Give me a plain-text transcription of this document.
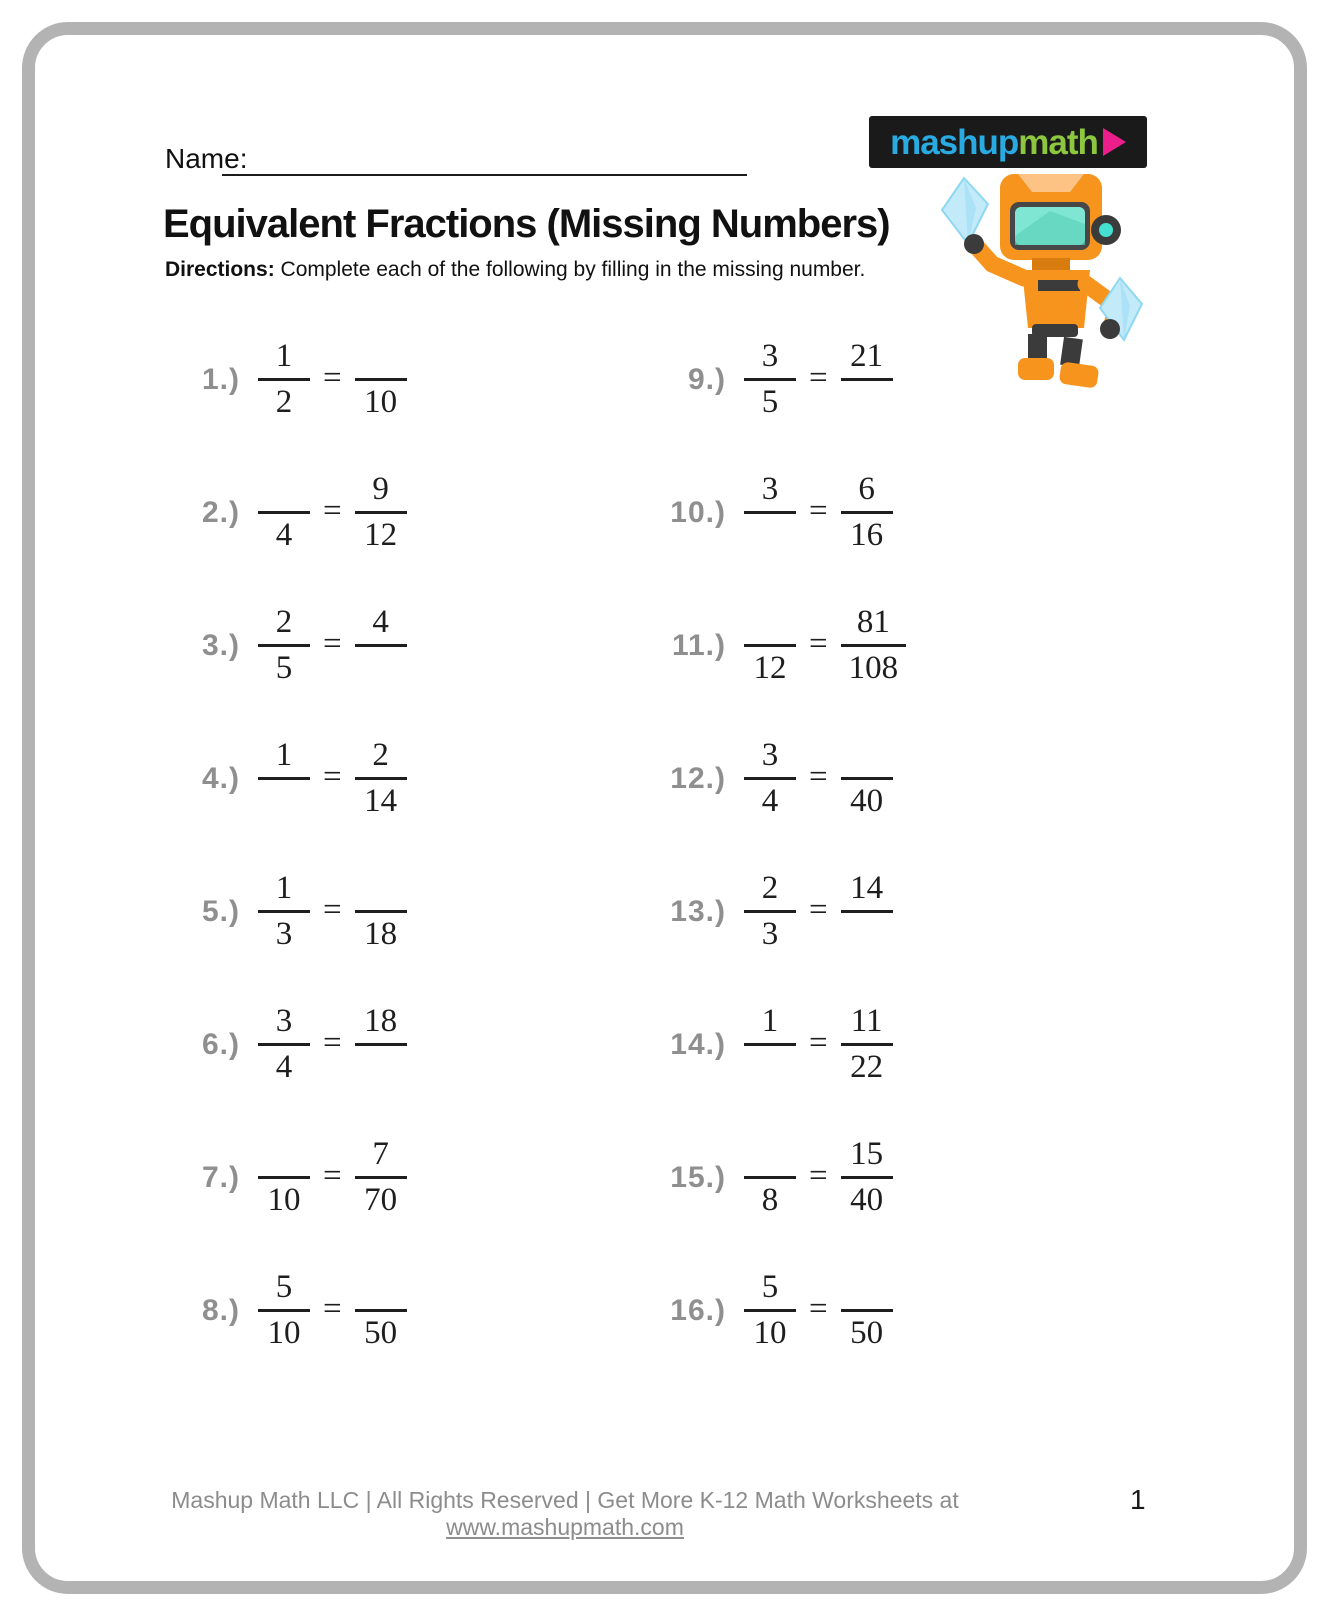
Name:	mashup math
Equivalent Fractions (Missing Numbers)
Directions: Complete each of the following by filling in the missing number.
$1.) \frac{1}{2}$ =

10
2.)

4
= $\frac{9}{12}$
$3.) \frac{2}{5}$ =
4

4.)
1

= $\frac{2}{14}$
$5.) \frac{1}{3}$ =

18
$6.) \frac{3}{4}$ =
18

7.)

10
= $\frac{7}{70}$
$8.) \frac{5}{10}$ =

50
$9.) \frac{3}{5}$ =
21

10.)
3

= $\frac{6}{16}$
11.)

12
= $\frac{81}{108}$
$12.) \frac{3}{4}$ =

40
$13.) \frac{2}{3}$ =
14

14.)
1

= $\frac{11}{22}$
15.)

8
= $\frac{15}{40}$
$16.) \frac{5}{10}$ =

50
Mashup Math LLC | All Rights Reserved | Get More K-12 Math Worksheets at www.mashupmath.com
1
